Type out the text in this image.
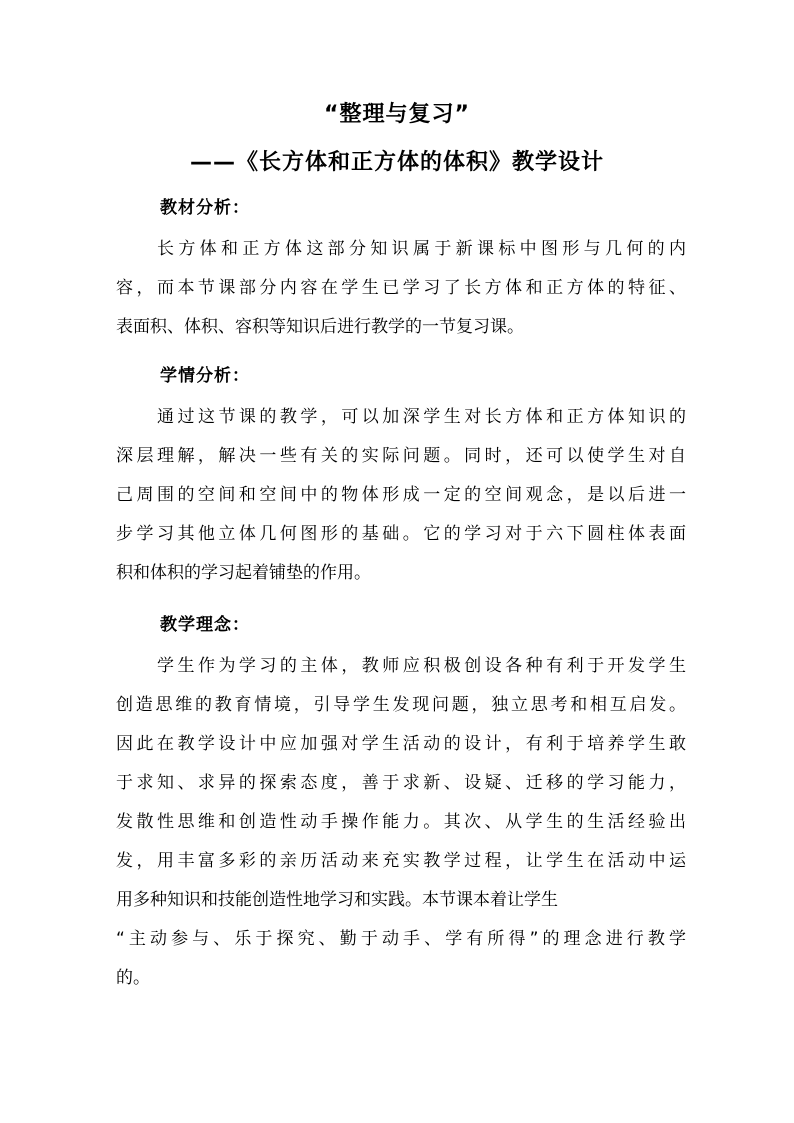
“整理与复习”
——《长方体和正方体的体积》教学设计
教材分析：
长方体和正方体这部分知识属于新课标中图形与几何的内
容，而本节课部分内容在学生已学习了长方体和正方体的特征、
表面积、体积、容积等知识后进行教学的一节复习课。
学情分析：
通过这节课的教学，可以加深学生对长方体和正方体知识的
深层理解，解决一些有关的实际问题。同时，还可以使学生对自
己周围的空间和空间中的物体形成一定的空间观念，是以后进一
步学习其他立体几何图形的基础。它的学习对于六下圆柱体表面
积和体积的学习起着铺垫的作用。
教学理念：
学生作为学习的主体，教师应积极创设各种有利于开发学生
创造思维的教育情境，引导学生发现问题，独立思考和相互启发。
因此在教学设计中应加强对学生活动的设计，有利于培养学生敢
于求知、求异的探索态度，善于求新、设疑、迁移的学习能力，
发散性思维和创造性动手操作能力。其次、从学生的生活经验出
发，用丰富多彩的亲历活动来充实教学过程，让学生在活动中运
用多种知识和技能创造性地学习和实践。本节课本着让学生
“主动参与、乐于探究、勤于动手、学有所得”的理念进行教学
的。
